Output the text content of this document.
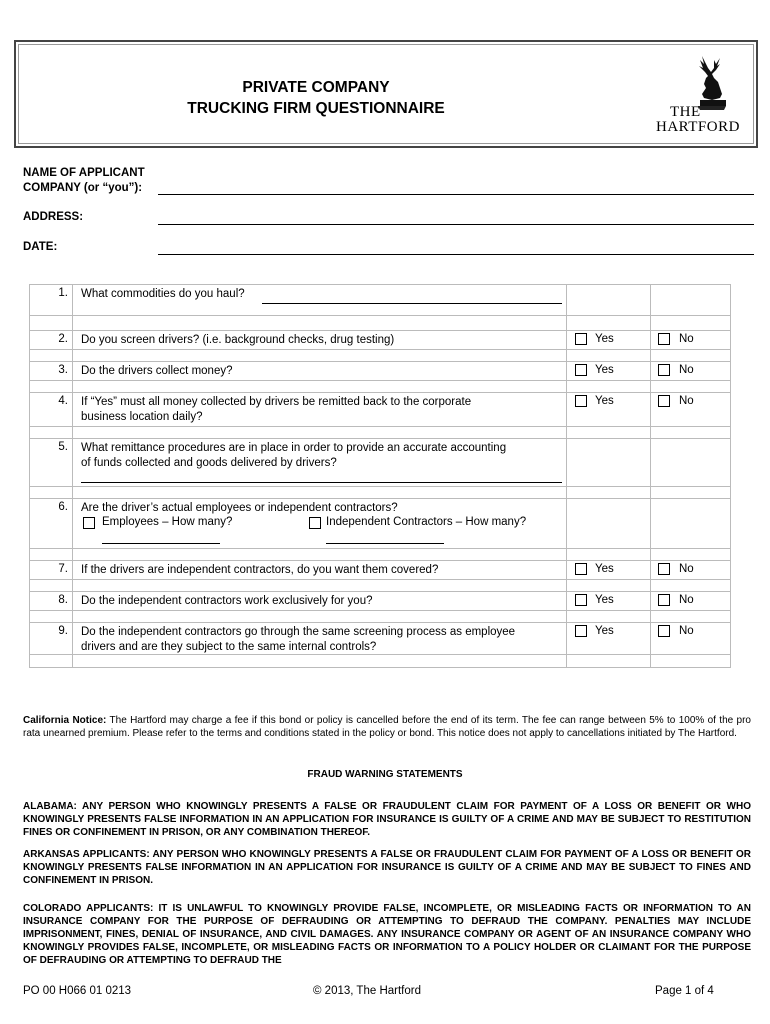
PRIVATE COMPANY
TRUCKING FIRM QUESTIONNAIRE	THE
HARTFORD
NAME OF APPLICANT
COMPANY (or “you”):
ADDRESS:
DATE:
1. What commodities do you haul?
2. Do you screen drivers? (i.e. background checks, drug testing)	Yes	No
3. Do the drivers collect money?	Yes	No
4. If “Yes” must all money collected by drivers be remitted back to the corporate
business location daily?
Yes	No
5. What remittance procedures are in place in order to provide an accurate accounting
of funds collected and goods delivered by drivers?
6. Are the driver’s actual employees or independent contractors?
Employees – How many?	Independent Contractors – How many?
7. If the drivers are independent contractors, do you want them covered?	Yes	No
8. Do the independent contractors work exclusively for you?	Yes	No
9. Do the independent contractors go through the same screening process as employee
drivers and are they subject to the same internal controls?
Yes	No
California Notice: The Hartford may charge a fee if this bond or policy is cancelled before the end of its term. The fee can range between 5% to 100% of the pro rata unearned premium. Please refer to the terms and conditions stated in the policy or bond. This notice does not apply to cancellations initiated by The Hartford.
FRAUD WARNING STATEMENTS
ALABAMA: ANY PERSON WHO KNOWINGLY PRESENTS A FALSE OR FRAUDULENT CLAIM FOR PAYMENT OF A LOSS OR BENEFIT OR WHO KNOWINGLY PRESENTS FALSE INFORMATION IN AN APPLICATION FOR INSURANCE IS GUILTY OF A CRIME AND MAY BE SUBJECT TO RESTITUTION FINES OR CONFINEMENT IN PRISON, OR ANY COMBINATION THEREOF.
ARKANSAS APPLICANTS: ANY PERSON WHO KNOWINGLY PRESENTS A FALSE OR FRAUDULENT CLAIM FOR PAYMENT OF A LOSS OR BENEFIT OR KNOWINGLY PRESENTS FALSE INFORMATION IN AN APPLICATION FOR INSURANCE IS GUILTY OF A CRIME AND MAY BE SUBJECT TO FINES AND CONFINEMENT IN PRISON.
COLORADO APPLICANTS: IT IS UNLAWFUL TO KNOWINGLY PROVIDE FALSE, INCOMPLETE, OR MISLEADING FACTS OR INFORMATION TO AN INSURANCE COMPANY FOR THE PURPOSE OF DEFRAUDING OR ATTEMPTING TO DEFRAUD THE COMPANY. PENALTIES MAY INCLUDE IMPRISONMENT, FINES, DENIAL OF INSURANCE, AND CIVIL DAMAGES. ANY INSURANCE COMPANY OR AGENT OF AN INSURANCE COMPANY WHO KNOWINGLY PROVIDES FALSE, INCOMPLETE, OR MISLEADING FACTS OR INFORMATION TO A POLICY HOLDER OR CLAIMANT FOR THE PURPOSE OF DEFRAUDING OR ATTEMPTING TO DEFRAUD THE
PO 00 H066 01 0213	© 2013, The Hartford	Page 1 of 4
